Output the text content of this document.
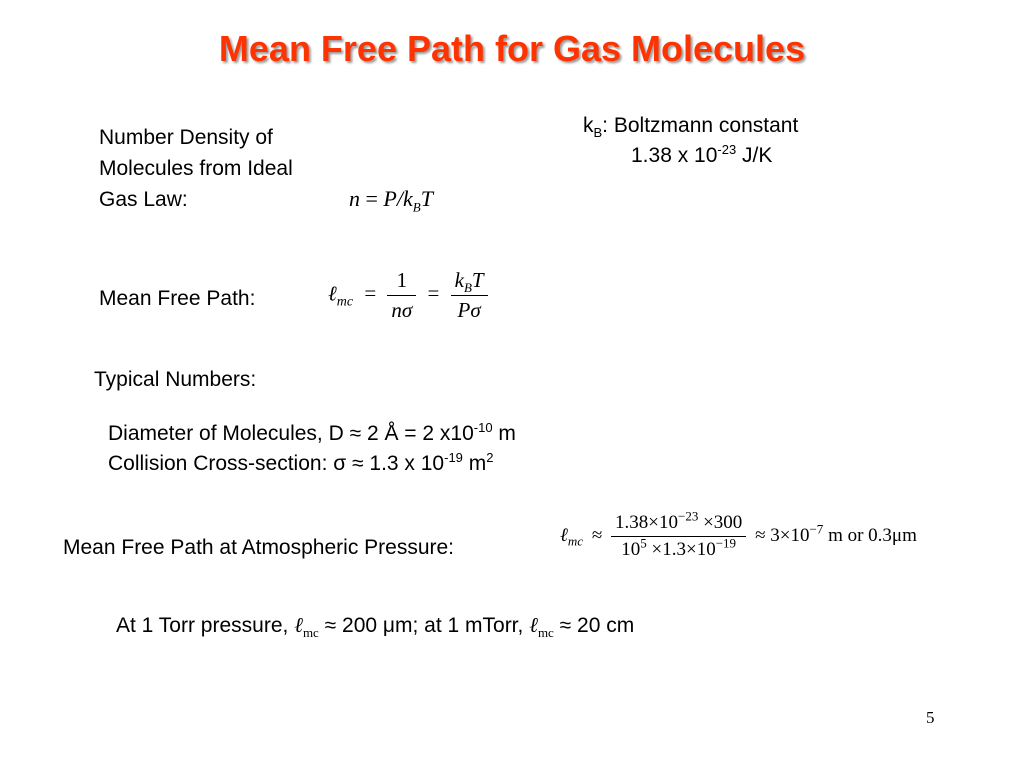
Mean Free Path for Gas Molecules
$k_B$: Boltzmann constant
1.38 x $10^{-23}$ J/K
Number Density of
Molecules from Ideal
Gas Law:	$n = P/k_BT$
Mean Free Path:	ℓ$_{mc}$ = $\frac{1}{n\sigma} = \frac{k_BT}{P\sigma}$
Typical Numbers:
Diameter of Molecules, D ≈ 2 Å = 2 $x10^{-10}$ m
Collision Cross-section: σ ≈ 1.3 x $10^{-19}$ $m^2$
Mean Free Path at Atmospheric Pressure:
ℓ$_{mc}$ ≈ $\frac{1.38\times 10^{-23} \times 300}{10^5 \times 1.3\times 10^{-19}} \approx 3\times 10^{-7}$ m or 0.3μm
At 1 Torr pressure, ℓ$_{mc}$ ≈ 200 μm; at 1 mTorr, ℓ$_{mc}$ ≈ 20 cm
5
